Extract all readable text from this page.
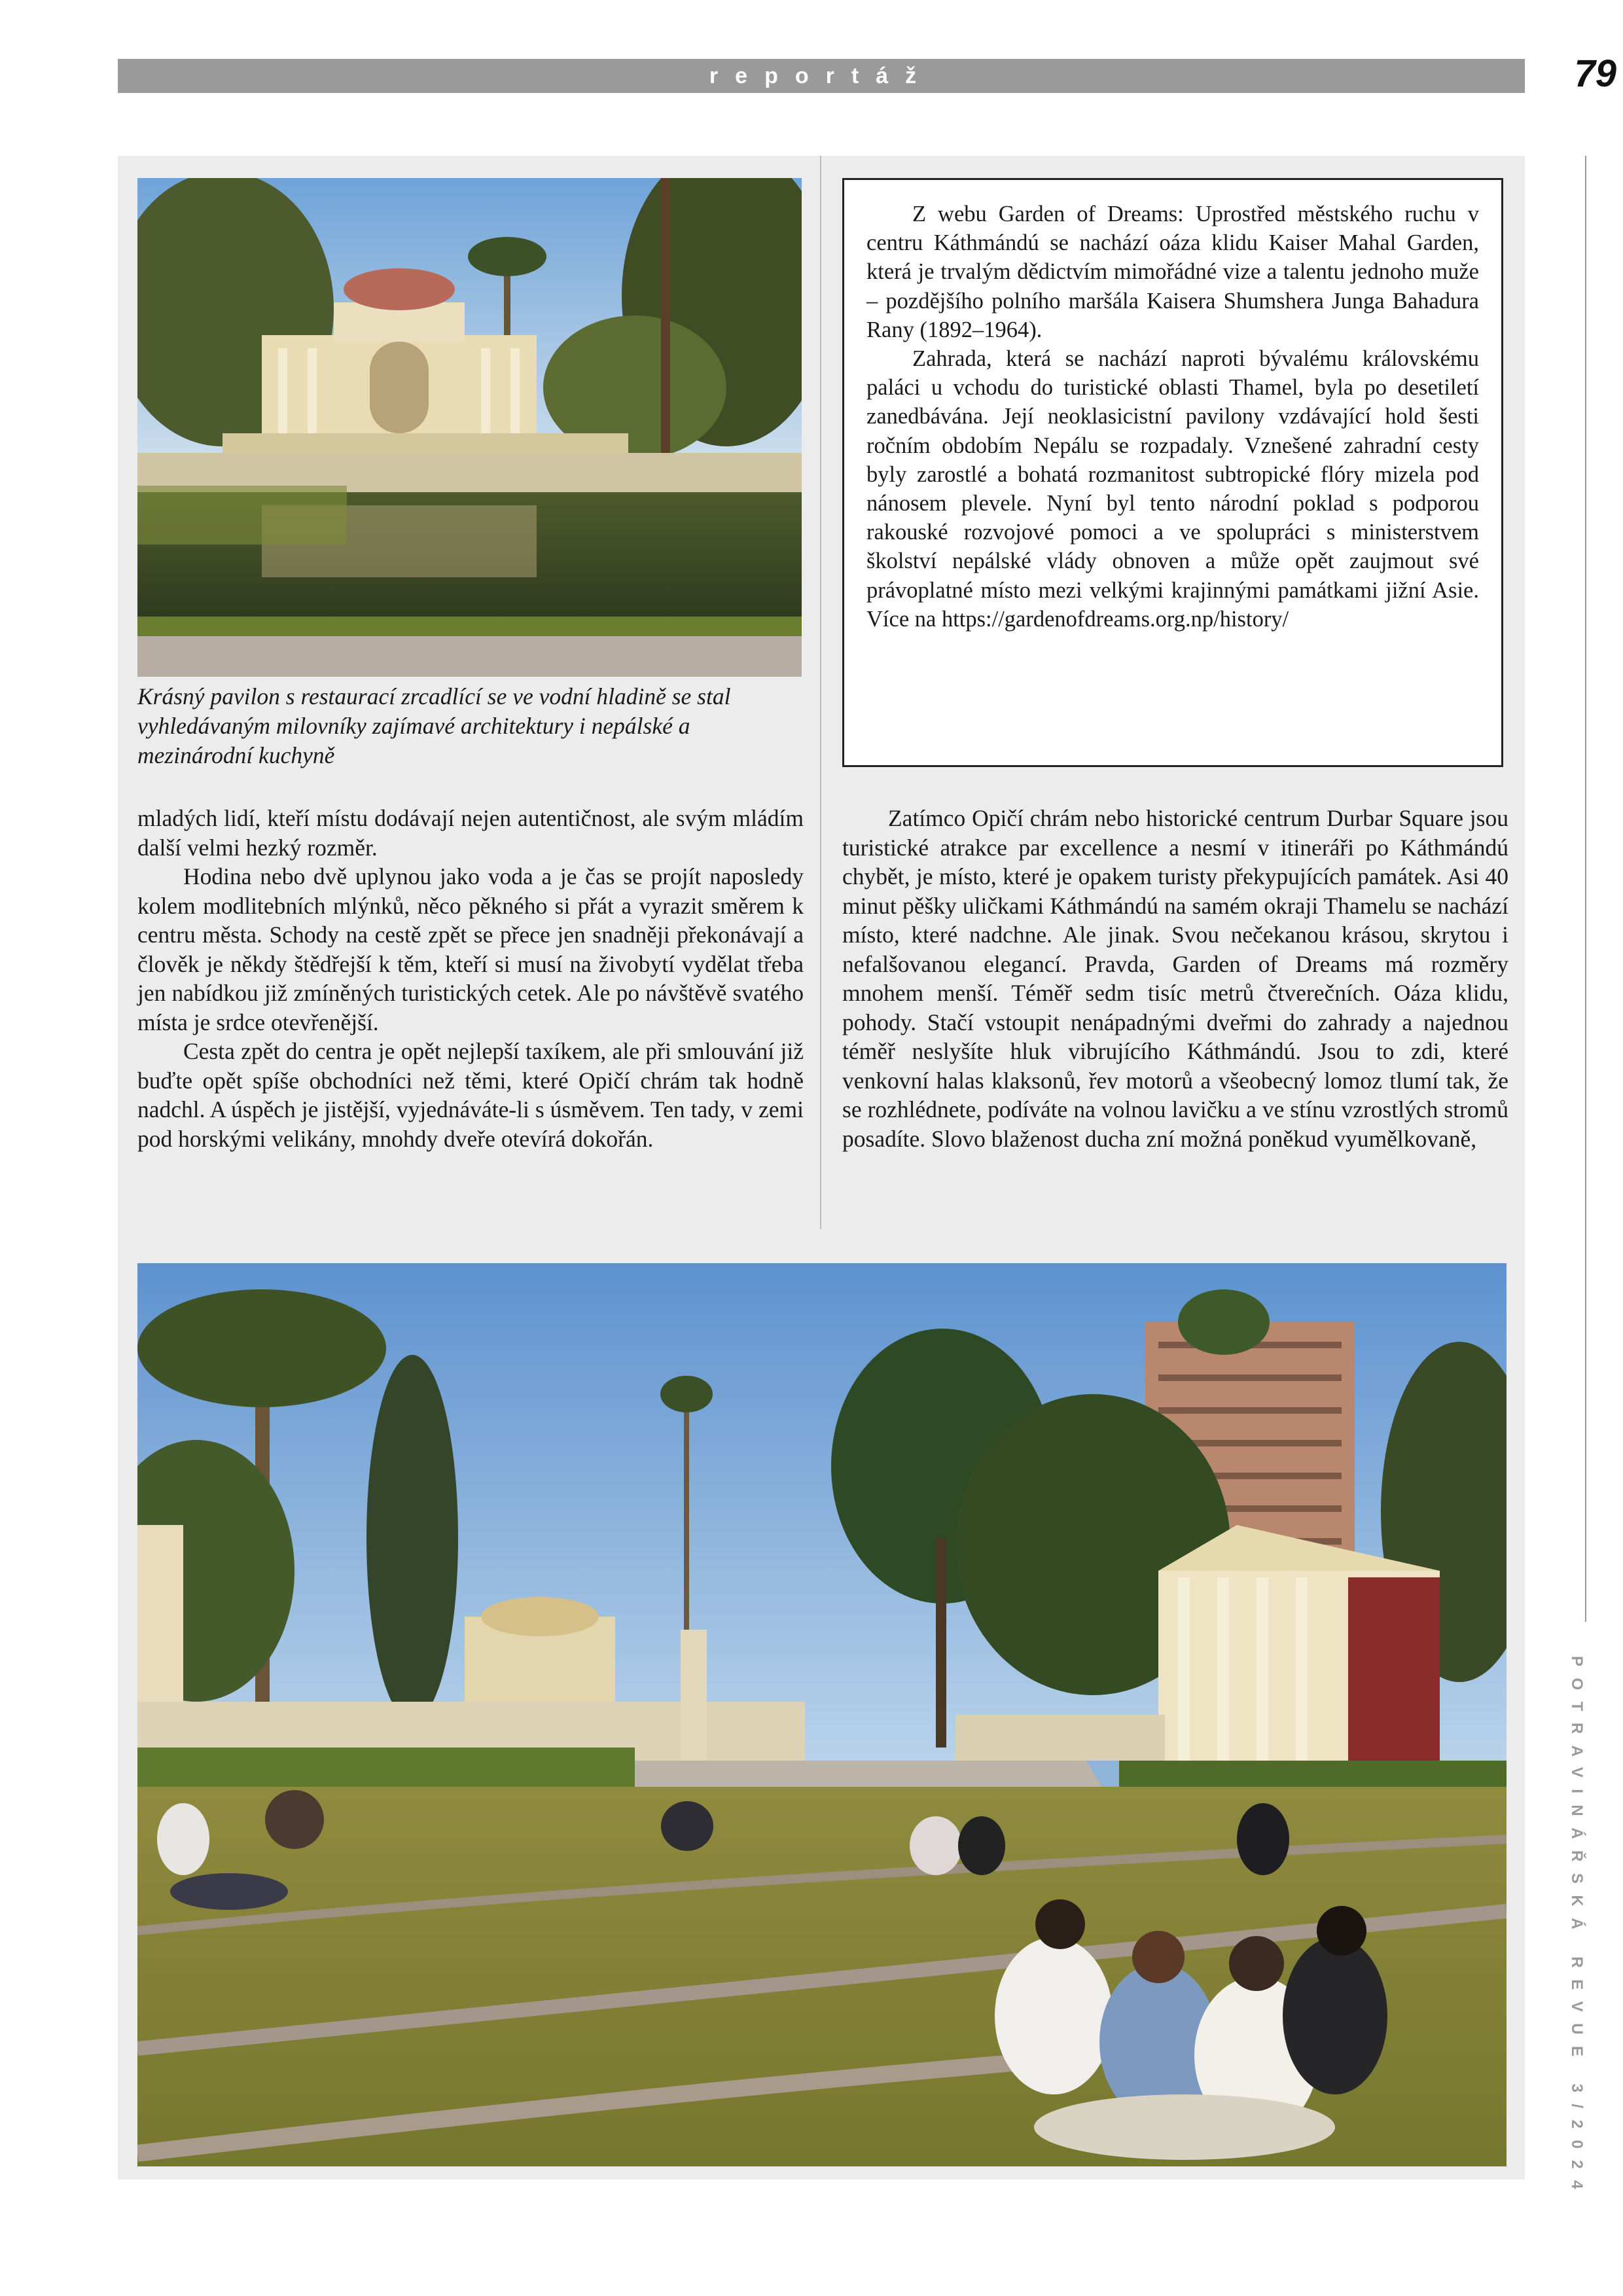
reportáž	79
Krásný pavilon s restaurací zrcadlící se ve vodní hladině se stal vyhledávaným milovníky zajímavé architektury i nepálské a mezinárodní kuchyně

Z webu Garden of Dreams: Uprostřed městského ruchu v centru Káthmándú se nachází oáza klidu Kaiser Mahal Garden, která je trvalým dědictvím mimořádné vize a talentu jednoho muže – pozdějšího polního maršála Kaisera Shumshera Junga Bahadura Rany (1892–1964).

Zahrada, která se nachází naproti bývalému královskému paláci u vchodu do turistické oblasti Thamel, byla po desetiletí zanedbávána. Její neoklasicistní pavilony vzdávající hold šesti ročním obdobím Nepálu se rozpadaly. Vznešené zahradní cesty byly zarostlé a bohatá rozmanitost subtropické flóry mizela pod nánosem plevele. Nyní byl tento národní poklad s podporou rakouské rozvojové pomoci a ve spolupráci s ministerstvem školství nepálské vlády obnoven a může opět zaujmout své právoplatné místo mezi velkými krajinnými památkami jižní Asie. Více na https://gardenofdreams.org.np/history/

mladých lidí, kteří místu dodávají nejen autentičnost, ale svým mládím další velmi hezký rozměr.

Hodina nebo dvě uplynou jako voda a je čas se projít naposledy kolem modlitebních mlýnků, něco pěkného si přát a vyrazit směrem k centru města. Schody na cestě zpět se přece jen snadněji překonávají a člověk je někdy štědřejší k těm, kteří si musí na živobytí vydělat třeba jen nabídkou již zmíněných turistických cetek. Ale po návštěvě svatého místa je srdce otevřenější.

Cesta zpět do centra je opět nejlepší taxíkem, ale při smlouvání již buďte opět spíše obchodníci než těmi, které Opičí chrám tak hodně nadchl. A úspěch je jistější, vyjednáváte-li s úsměvem. Ten tady, v zemi pod horskými velikány, mnohdy dveře otevírá dokořán.

Zatímco Opičí chrám nebo historické centrum Durbar Square jsou turistické atrakce par excellence a nesmí v itineráři po Káthmándú chybět, je místo, které je opakem turisty překypujících památek. Asi 40 minut pěšky uličkami Káthmándú na samém okraji Thamelu se nachází místo, které nadchne. Ale jinak. Svou nečekanou krásou, skrytou i nefalšovanou elegancí. Pravda, Garden of Dreams má rozměry mnohem menší. Téměř sedm tisíc metrů čtverečních. Oáza klidu, pohody. Stačí vstoupit nenápadnými dveřmi do zahrady a najednou téměř neslyšíte hluk vibrujícího Káthmándú. Jsou to zdi, které venkovní halas klaksonů, řev motorů a všeobecný lomoz tlumí tak, že se rozhlédnete, podíváte na volnou lavičku a ve stínu vzrostlých stromů posadíte. Slovo blaženost ducha zní možná poněkud vyumělkovaně,

POTRAVINÁŘSKÁ REVUE 3/2024
